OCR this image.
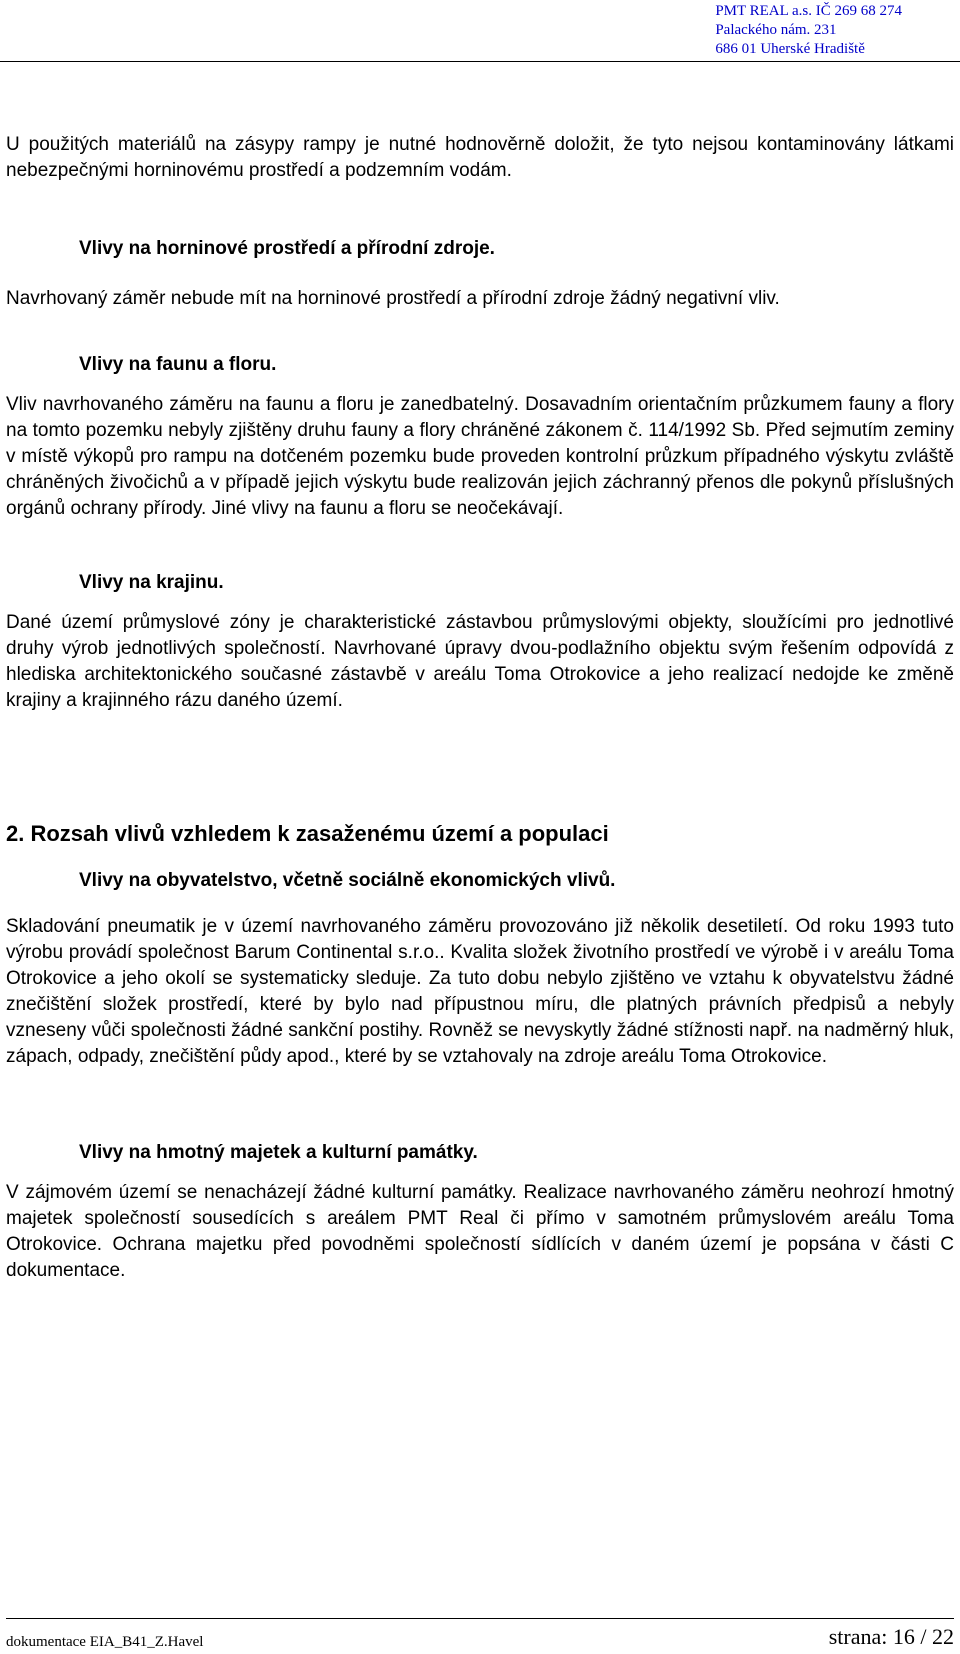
PMT REAL a.s. IČ 269 68 274
Palackého nám. 231
686 01 Uherské Hradiště

U použitých materiálů na zásypy rampy je nutné hodnověrně doložit, že tyto nejsou kontaminovány látkami nebezpečnými horninovému prostředí a podzemním vodám.

Vlivy na horninové prostředí a přírodní zdroje.

Navrhovaný záměr nebude mít na horninové prostředí a přírodní zdroje žádný negativní vliv.

Vlivy na faunu a floru.

Vliv navrhovaného záměru na faunu a floru je zanedbatelný. Dosavadním orientačním průzkumem fauny a flory na tomto pozemku nebyly zjištěny druhu fauny a flory chráněné zákonem č. 114/1992 Sb. Před sejmutím zeminy v místě výkopů pro rampu na dotčeném pozemku bude proveden kontrolní průzkum případného výskytu zvláště chráněných živočichů a v případě jejich výskytu bude realizován jejich záchranný přenos dle pokynů příslušných orgánů ochrany přírody. Jiné vlivy na faunu a floru se neočekávají.

Vlivy na krajinu.

Dané území průmyslové zóny je charakteristické zástavbou průmyslovými objekty, sloužícími pro jednotlivé druhy výrob jednotlivých společností. Navrhované úpravy dvou-podlažního objektu svým řešením odpovídá z hlediska architektonického současné zástavbě v areálu Toma Otrokovice a jeho realizací nedojde ke změně krajiny a krajinného rázu daného území.

2. Rozsah vlivů vzhledem k zasaženému území a populaci

Vlivy na obyvatelstvo, včetně sociálně ekonomických vlivů.

Skladování pneumatik je v území navrhovaného záměru provozováno již několik desetiletí. Od roku 1993 tuto výrobu provádí společnost Barum Continental s.r.o.. Kvalita složek životního prostředí ve výrobě i v areálu Toma Otrokovice a jeho okolí se systematicky sleduje. Za tuto dobu nebylo zjištěno ve vztahu k obyvatelstvu žádné znečištění složek prostředí, které by bylo nad přípustnou míru, dle platných právních předpisů a nebyly vzneseny vůči společnosti žádné sankční postihy. Rovněž se nevyskytly žádné stížnosti např. na nadměrný hluk, zápach, odpady, znečištění půdy apod., které by se vztahovaly na zdroje areálu Toma Otrokovice.

Vlivy na hmotný majetek a kulturní památky.

V zájmovém území se nenacházejí žádné kulturní památky. Realizace navrhovaného záměru neohrozí hmotný majetek společností sousedících s areálem PMT Real či přímo v samotném průmyslovém areálu Toma Otrokovice. Ochrana majetku před povodněmi společností sídlících v daném území je popsána v části C dokumentace.

dokumentace EIA_B41_Z.Havel	strana: 16 / 22
